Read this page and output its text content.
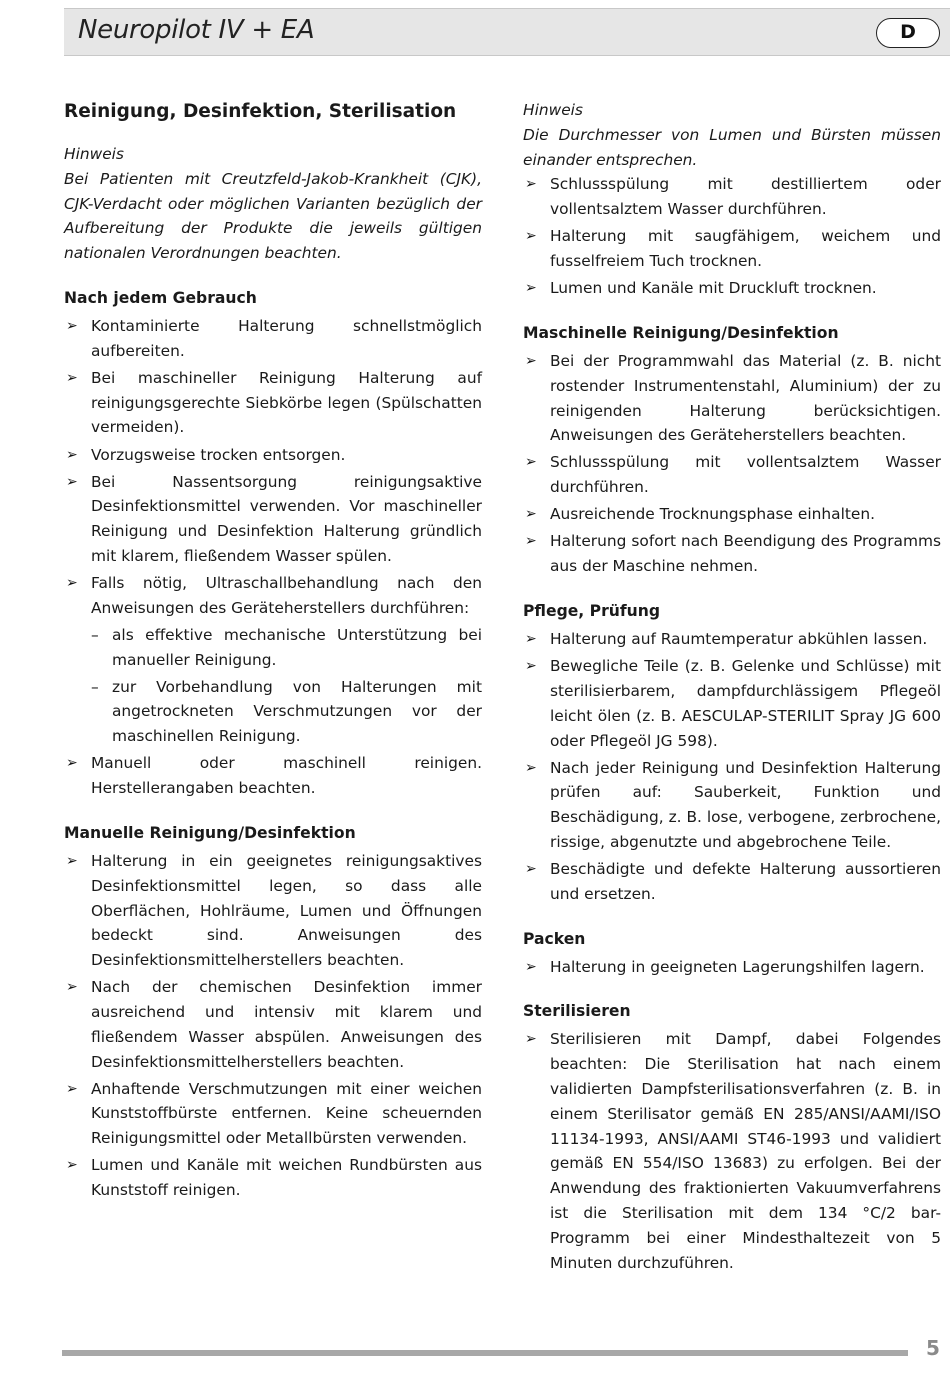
Neuropilot IV + EA	D
Reinigung, Desinfektion, Sterilisation
Hinweis
Bei Patienten mit Creutzfeld-Jakob-Krankheit (CJK), CJK-Verdacht oder möglichen Varianten bezüglich der Aufbereitung der Produkte die jeweils gültigen nationalen Verordnungen beachten.
Nach jedem Gebrauch
➢ Kontaminierte Halterung schnellstmöglich aufbereiten.
➢ Bei maschineller Reinigung Halterung auf reinigungsgerechte Siebkörbe legen (Spülschatten vermeiden).
➢ Vorzugsweise trocken entsorgen.
➢ Bei Nassentsorgung reinigungsaktive Desinfektionsmittel verwenden. Vor maschineller Reinigung und Desinfektion Halterung gründlich mit klarem, fließendem Wasser spülen.
➢ Falls nötig, Ultraschallbehandlung nach den Anweisungen des Geräteherstellers durchführen:
– als effektive mechanische Unterstützung bei manueller Reinigung.
– zur Vorbehandlung von Halterungen mit angetrockneten Verschmutzungen vor der maschinellen Reinigung.
➢ Manuell oder maschinell reinigen. Herstellerangaben beachten.
Manuelle Reinigung/Desinfektion
➢ Halterung in ein geeignetes reinigungsaktives Desinfektionsmittel legen, so dass alle Oberflächen, Hohlräume, Lumen und Öffnungen bedeckt sind. Anweisungen des Desinfektionsmittelherstellers beachten.
➢ Nach der chemischen Desinfektion immer ausreichend und intensiv mit klarem und fließendem Wasser abspülen. Anweisungen des Desinfektionsmittelherstellers beachten.
➢ Anhaftende Verschmutzungen mit einer weichen Kunststoffbürste entfernen. Keine scheuernden Reinigungsmittel oder Metallbürsten verwenden.
➢ Lumen und Kanäle mit weichen Rundbürsten aus Kunststoff reinigen.
Hinweis
Die Durchmesser von Lumen und Bürsten müssen einander entsprechen.
➢ Schlussspülung mit destilliertem oder vollentsalztem Wasser durchführen.
➢ Halterung mit saugfähigem, weichem und fusselfreiem Tuch trocknen.
➢ Lumen und Kanäle mit Druckluft trocknen.
Maschinelle Reinigung/Desinfektion
➢ Bei der Programmwahl das Material (z. B. nicht rostender Instrumentenstahl, Aluminium) der zu reinigenden Halterung berücksichtigen. Anweisungen des Geräteherstellers beachten.
➢ Schlussspülung mit vollentsalztem Wasser durchführen.
➢ Ausreichende Trocknungsphase einhalten.
➢ Halterung sofort nach Beendigung des Programms aus der Maschine nehmen.
Pflege, Prüfung
➢ Halterung auf Raumtemperatur abkühlen lassen.
➢ Bewegliche Teile (z. B. Gelenke und Schlüsse) mit sterilisierbarem, dampfdurchlässigem Pflegeöl leicht ölen (z. B. AESCULAP-STERILIT Spray JG 600 oder Pflegeöl JG 598).
➢ Nach jeder Reinigung und Desinfektion Halterung prüfen auf: Sauberkeit, Funktion und Beschädigung, z. B. lose, verbogene, zerbrochene, rissige, abgenutzte und abgebrochene Teile.
➢ Beschädigte und defekte Halterung aussortieren und ersetzen.
Packen
➢ Halterung in geeigneten Lagerungshilfen lagern.
Sterilisieren
➢ Sterilisieren mit Dampf, dabei Folgendes beachten: Die Sterilisation hat nach einem validierten Dampfsterilisationsverfahren (z. B. in einem Sterilisator gemäß EN 285/ANSI/AAMI/ISO 11134-1993, ANSI/AAMI ST46-1993 und validiert gemäß EN 554/ISO 13683) zu erfolgen. Bei der Anwendung des fraktionierten Vakuumverfahrens ist die Sterilisation mit dem 134 °C/2 bar-Programm bei einer Mindesthaltezeit von 5 Minuten durchzuführen.
5
